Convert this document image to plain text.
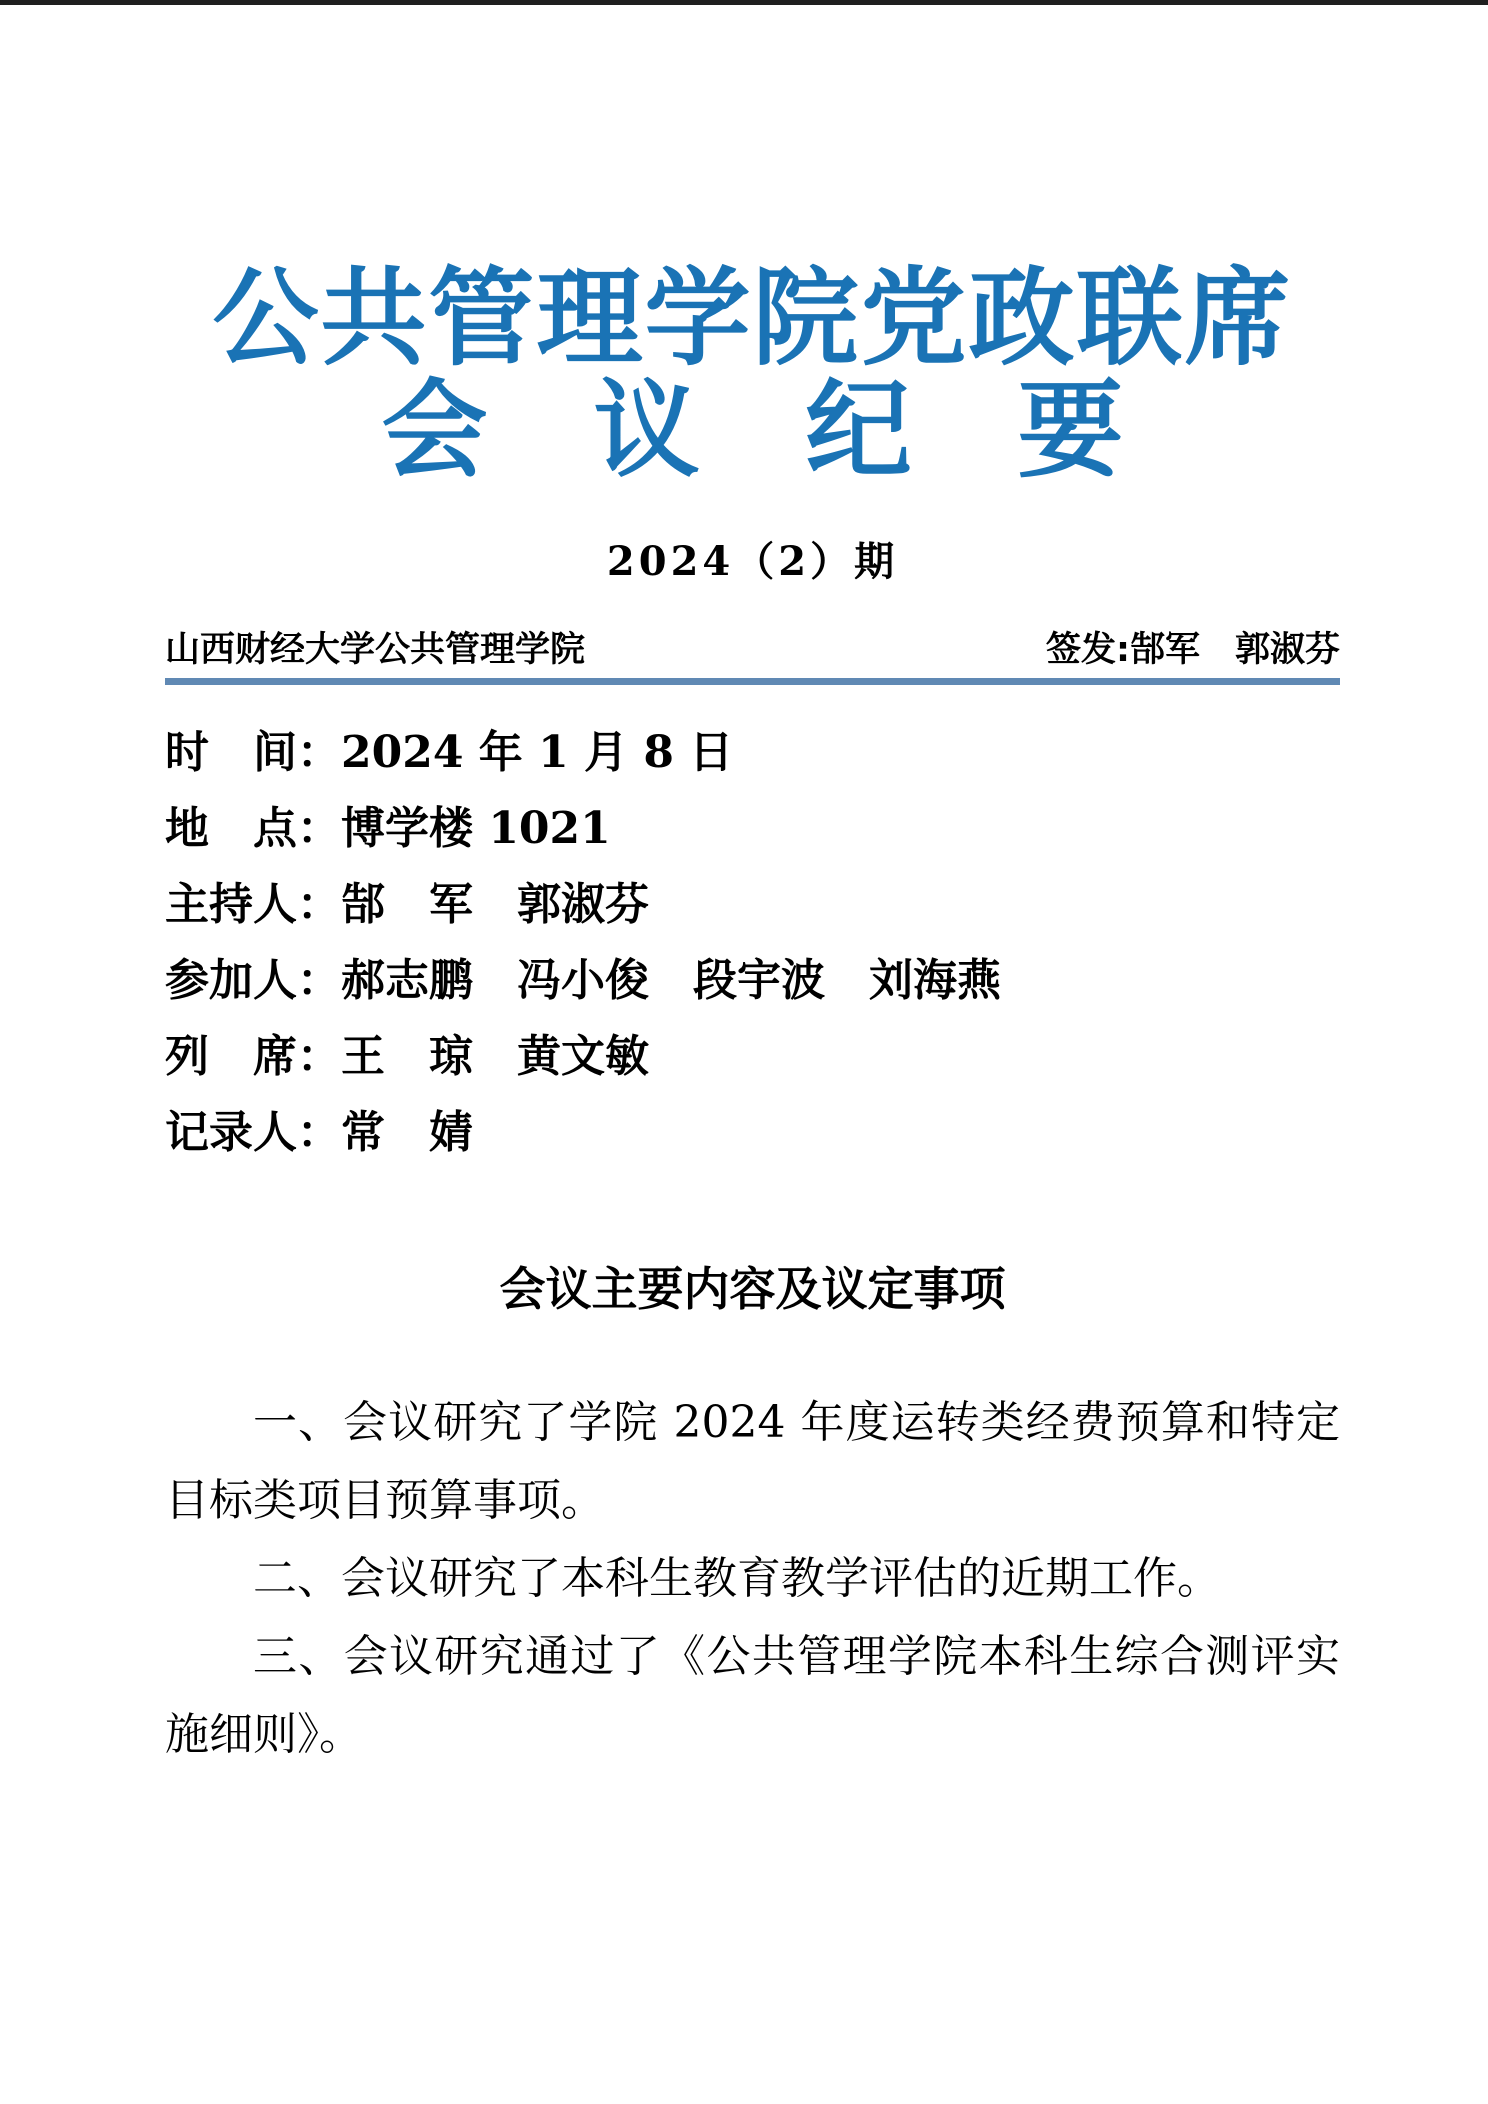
公共管理学院党政联席
会　议　纪　要
2024（2）期
山西财经大学公共管理学院	签发:郜军　郭淑芬
时　间：2024 年 1 月 8 日
地　点：博学楼 1021
主持人：郜　军　郭淑芬
参加人：郝志鹏　冯小俊　段宇波　刘海燕
列　席：王　琼　黄文敏
记录人：常　婧
会议主要内容及议定事项

一、会议研究了学院 2024 年度运转类经费预算和特定目标类项目预算事项。

二、会议研究了本科生教育教学评估的近期工作。

三、会议研究通过了《公共管理学院本科生综合测评实施细则》。
